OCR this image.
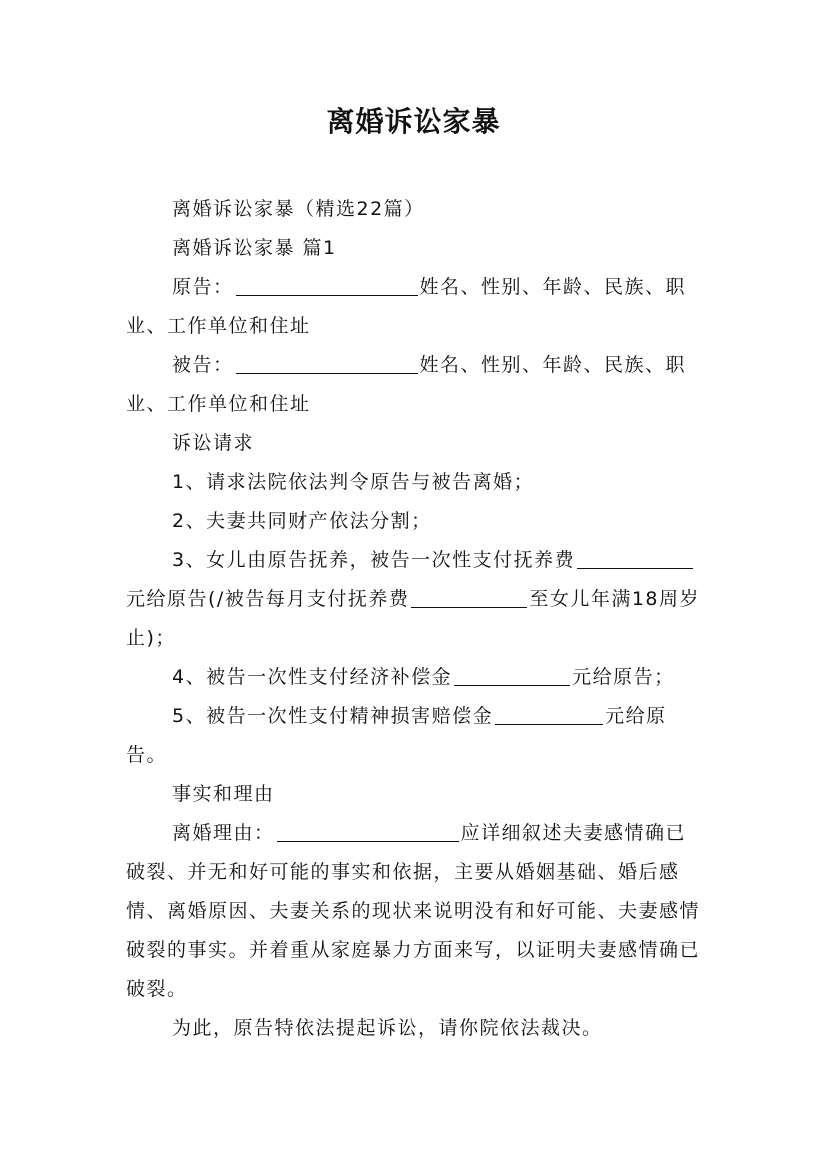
离婚诉讼家暴

离婚诉讼家暴（精选22篇）

离婚诉讼家暴 篇1

原告：	姓名、性别、年龄、民族、职业、工作单位和住址

被告：	姓名、性别、年龄、民族、职业、工作单位和住址

诉讼请求

1、请求法院依法判令原告与被告离婚；

2、夫妻共同财产依法分割；

3、女儿由原告抚养，被告一次性支付抚养费元给原告(/被告每月支付抚养费	至女儿年满18周岁止)；

4、被告一次性支付经济补偿金	元给原告；

5、被告一次性支付精神损害赔偿金	元给原告。

事实和理由

离婚理由：	应详细叙述夫妻感情确已破裂、并无和好可能的事实和依据，主要从婚姻基础、婚后感情、离婚原因、夫妻关系的现状来说明没有和好可能、夫妻感情破裂的事实。并着重从家庭暴力方面来写，以证明夫妻感情确已破裂。

为此，原告特依法提起诉讼，请你院依法裁决。
